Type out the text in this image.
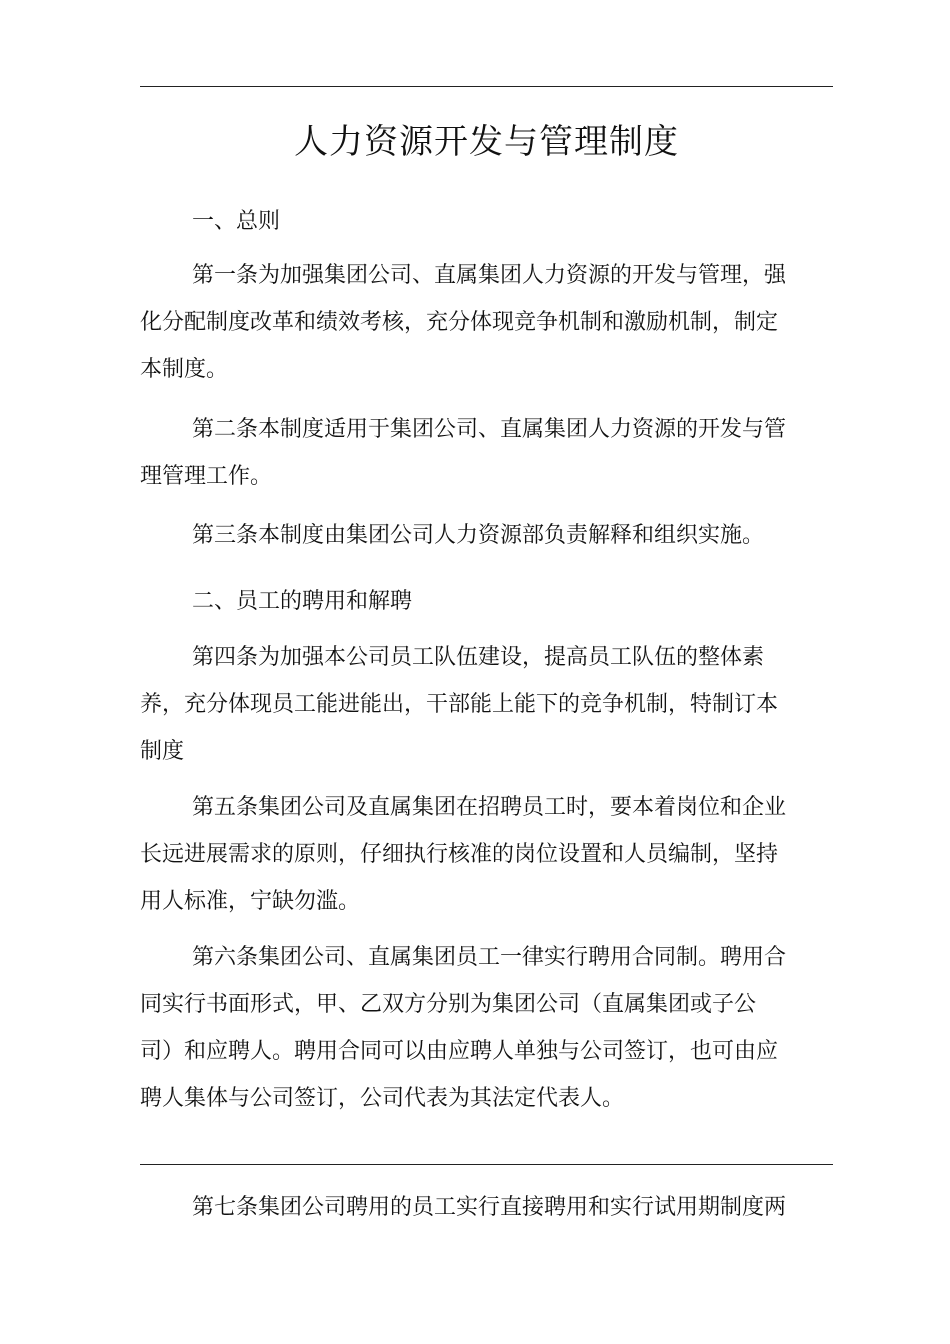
人力资源开发与管理制度
一、总则
第一条为加强集团公司、直属集团人力资源的开发与管理，强
化分配制度改革和绩效考核，充分体现竞争机制和激励机制，制定
本制度。
第二条本制度适用于集团公司、直属集团人力资源的开发与管
理管理工作。
第三条本制度由集团公司人力资源部负责解释和组织实施。
二、员工的聘用和解聘
第四条为加强本公司员工队伍建设，提高员工队伍的整体素
养，充分体现员工能进能出，干部能上能下的竞争机制，特制订本
制度
第五条集团公司及直属集团在招聘员工时，要本着岗位和企业
长远进展需求的原则，仔细执行核准的岗位设置和人员编制，坚持
用人标准，宁缺勿滥。
第六条集团公司、直属集团员工一律实行聘用合同制。聘用合
同实行书面形式，甲、乙双方分别为集团公司（直属集团或子公
司）和应聘人。聘用合同可以由应聘人单独与公司签订，也可由应
聘人集体与公司签订，公司代表为其法定代表人。
第七条集团公司聘用的员工实行直接聘用和实行试用期制度两
